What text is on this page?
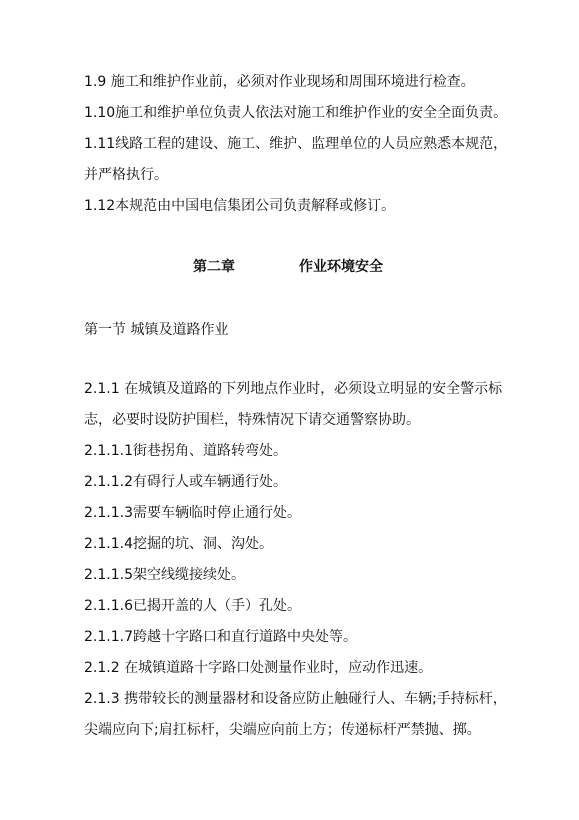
1.9 施工和维护作业前，必须对作业现场和周围环境进行检查。
1.10施工和维护单位负责人依法对施工和维护作业的安全全面负责。
1.11线路工程的建设、施工、维护、监理单位的人员应熟悉本规范，
并严格执行。
1.12本规范由中国电信集团公司负责解释或修订。
第二章	作业环境安全
第一节 城镇及道路作业
2.1.1 在城镇及道路的下列地点作业时，必须设立明显的安全警示标
志，必要时设防护围栏，特殊情况下请交通警察协助。
2.1.1.1街巷拐角、道路转弯处。
2.1.1.2有碍行人或车辆通行处。
2.1.1.3需要车辆临时停止通行处。
2.1.1.4挖掘的坑、洞、沟处。
2.1.1.5架空线缆接续处。
2.1.1.6已揭开盖的人（手）孔处。
2.1.1.7跨越十字路口和直行道路中央处等。
2.1.2 在城镇道路十字路口处测量作业时，应动作迅速。
2.1.3 携带较长的测量器材和设备应防止触碰行人、车辆;手持标杆，
尖端应向下;肩扛标杆，尖端应向前上方；传递标杆严禁抛、掷。
